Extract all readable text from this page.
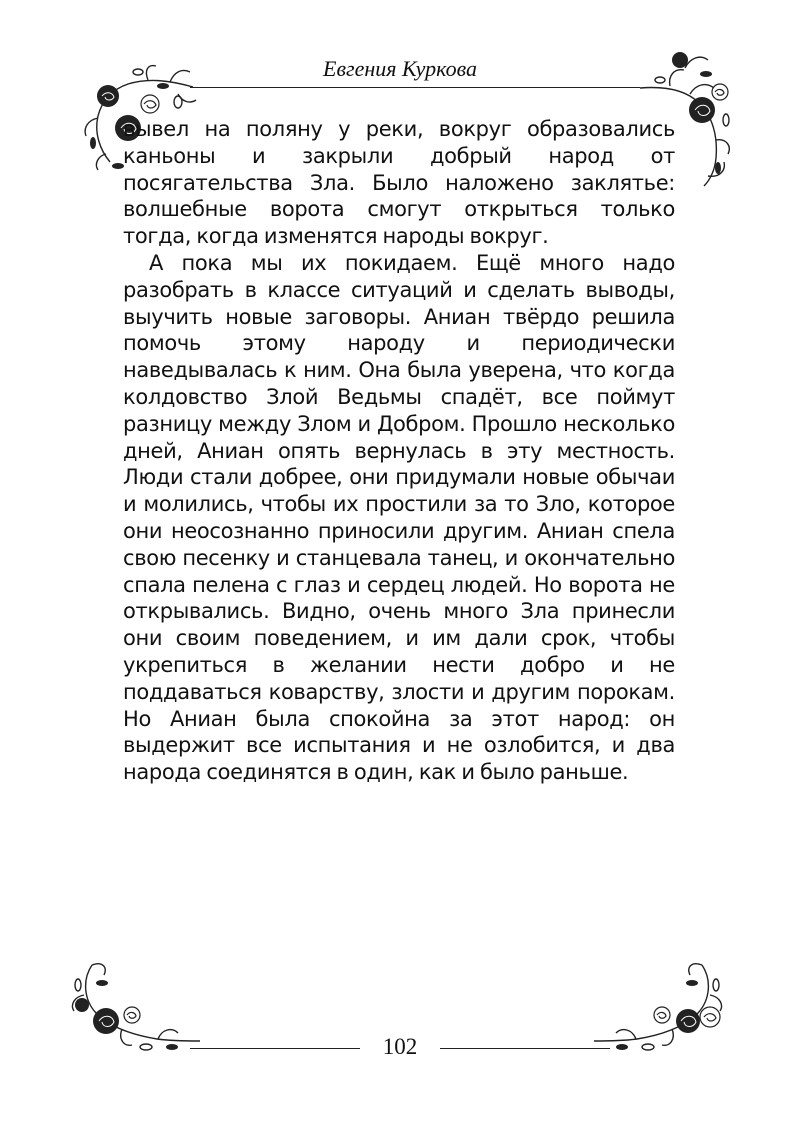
Евгения Куркова

вывел на поляну у реки, вокруг образовались каньоны и закрыли добрый народ от посягательства Зла. Было наложено заклятье: волшебные ворота смогут открыться только тогда, когда изменятся народы вокруг.

А пока мы их покидаем. Ещё много надо разобрать в классе ситуаций и сделать выводы, выучить новые заговоры. Аниан твёрдо решила помочь этому народу и периодически наведывалась к ним. Она была уверена, что когда колдовство Злой Ведьмы спадёт, все поймут разницу между Злом и Добром. Прошло несколько дней, Аниан опять вернулась в эту местность. Люди стали добрее, они придумали новые обычаи и молились, чтобы их простили за то Зло, которое они неосознанно приносили другим. Аниан спела свою песенку и станцевала танец, и окончательно спала пелена с глаз и сердец людей. Но ворота не открывались. Видно, очень много Зла принесли они своим поведением, и им дали срок, чтобы укрепиться в желании нести добро и не поддаваться коварству, злости и другим порокам. Но Аниан была спокойна за этот народ: он выдержит все испытания и не озлобится, и два народа соединятся в один, как и было раньше.

102
